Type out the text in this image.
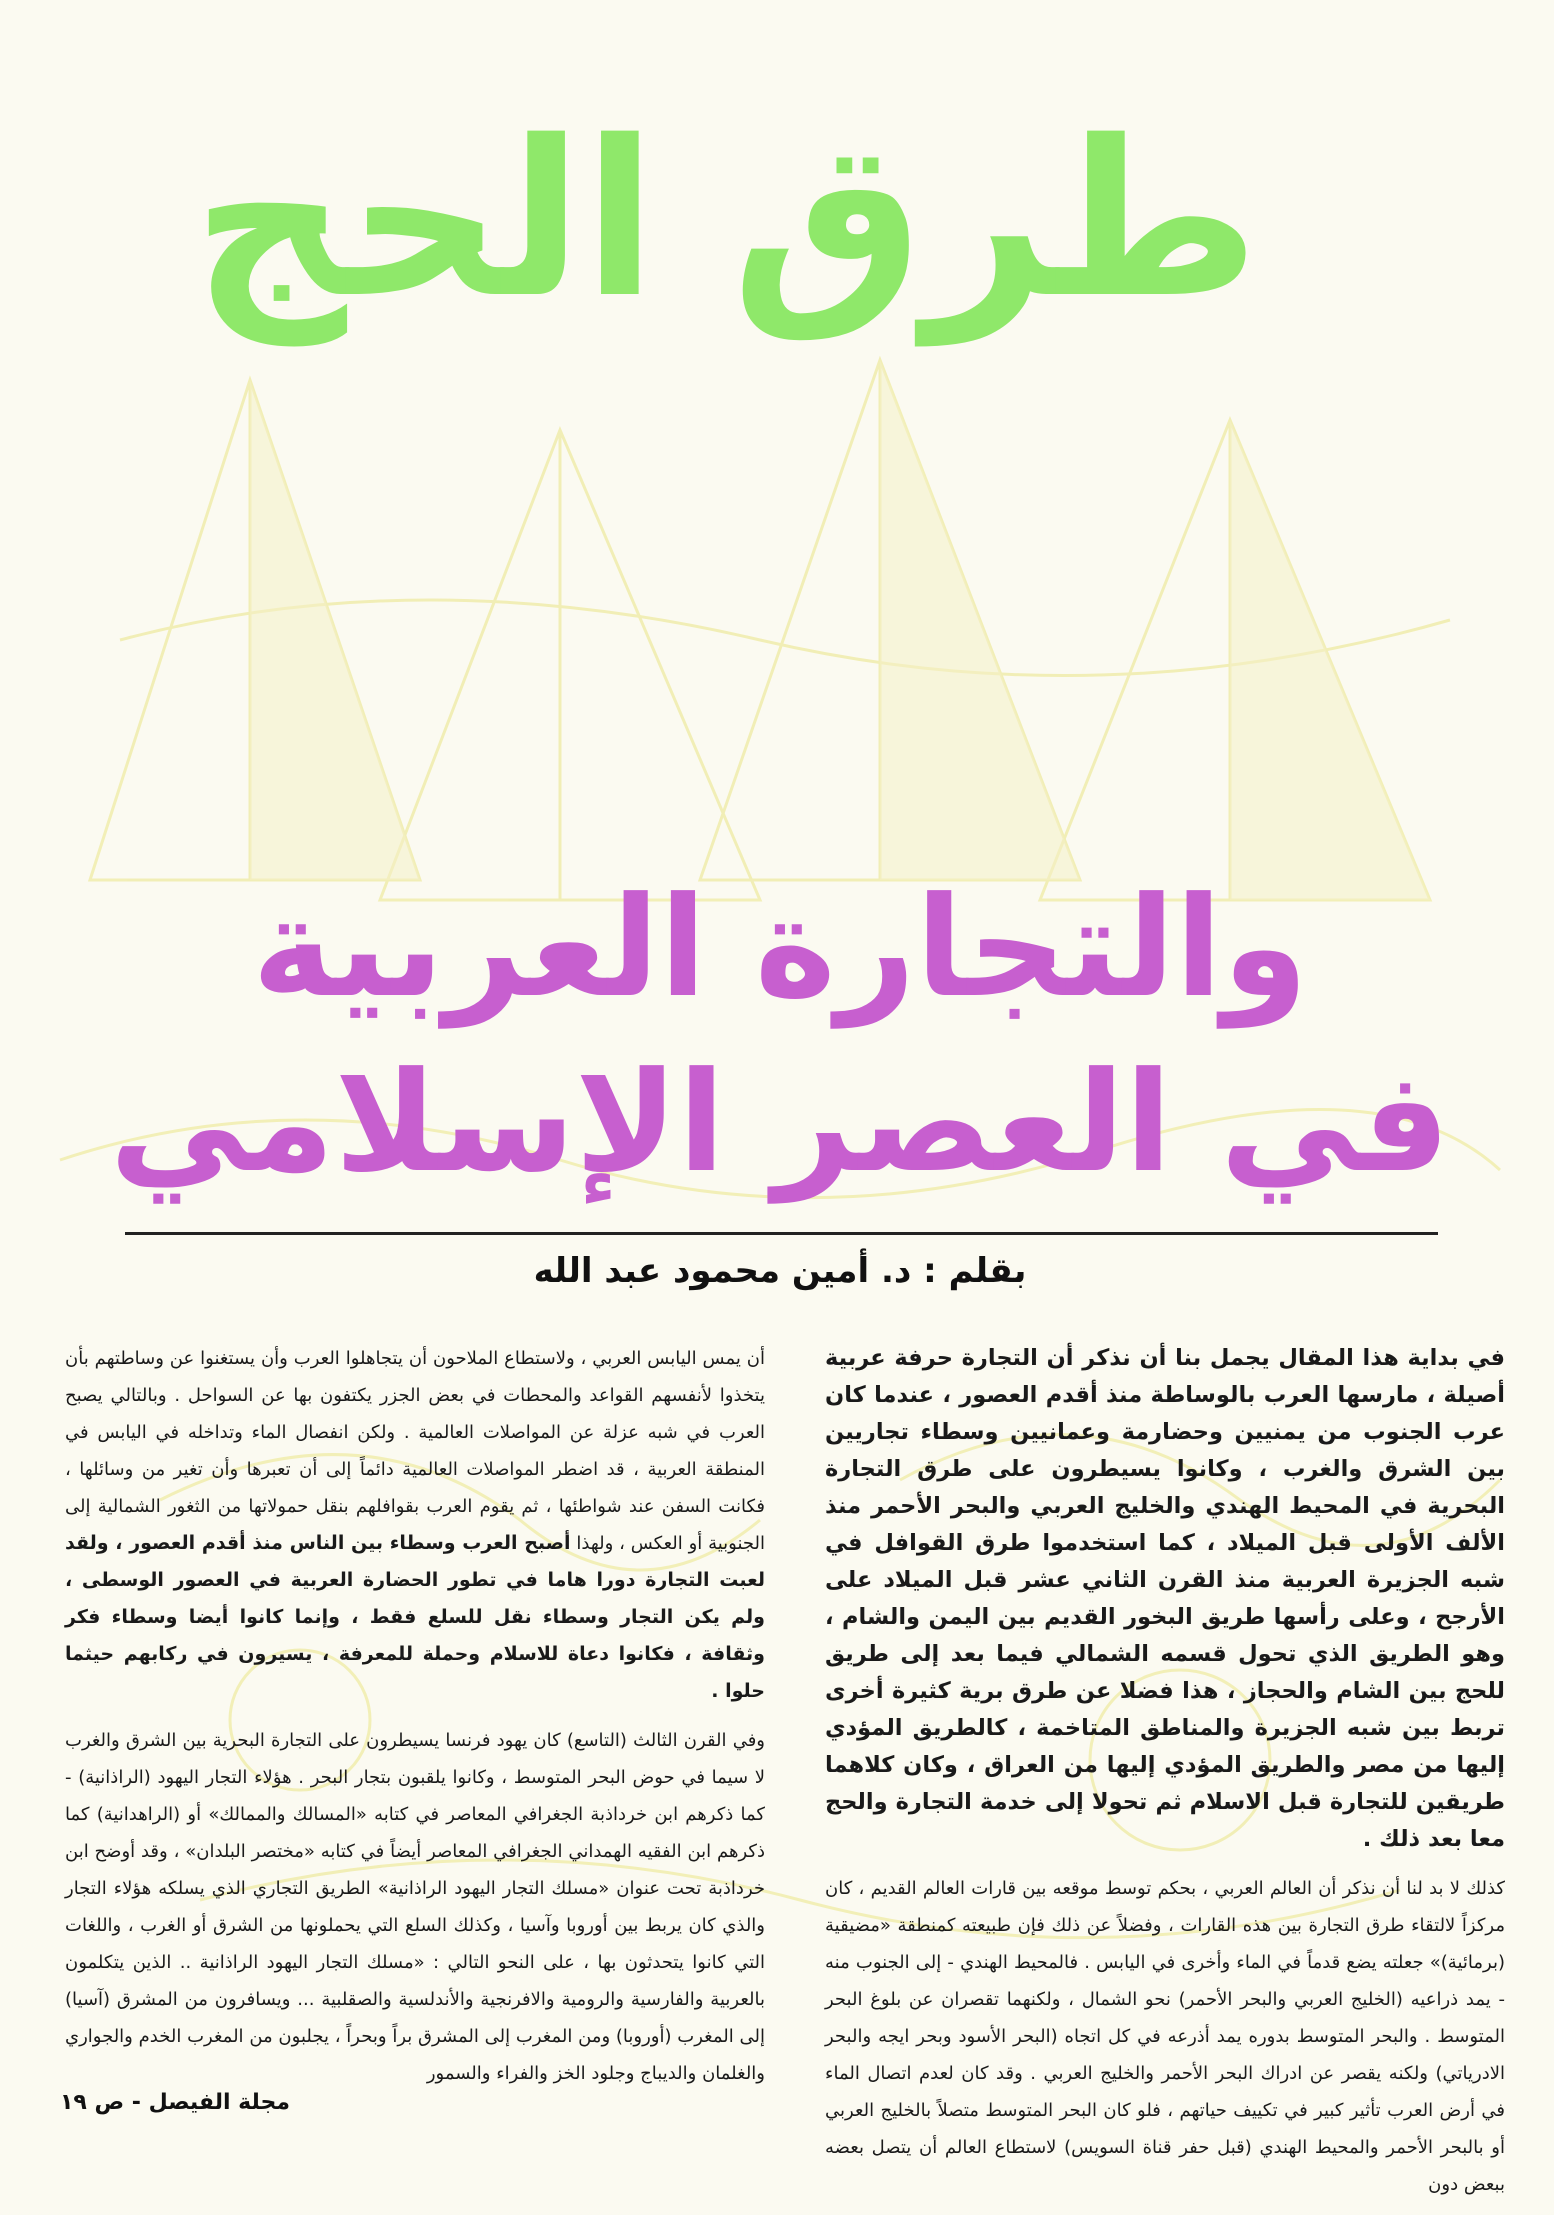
طرق الحج
والتجارة العربية
في العصر الإسلامي
بقلم : د. أمين محمود عبد الله

في بداية هذا المقال يجمل بنا أن نذكر أن التجارة حرفة عربية أصيلة ، مارسها العرب بالوساطة منذ أقدم العصور ، عندما كان عرب الجنوب من يمنيين وحضارمة وعمانيين وسطاء تجاريين بين الشرق والغرب ، وكانوا يسيطرون على طرق التجارة البحرية في المحيط الهندي والخليج العربي والبحر الأحمر منذ الألف الأولى قبل الميلاد ، كما استخدموا طرق القوافل في شبه الجزيرة العربية منذ القرن الثاني عشر قبل الميلاد على الأرجح ، وعلى رأسها طريق البخور القديم بين اليمن والشام ، وهو الطريق الذي تحول قسمه الشمالي فيما بعد إلى طريق للحج بين الشام والحجاز ، هذا فضلا عن طرق برية كثيرة أخرى تربط بين شبه الجزيرة والمناطق المتاخمة ، كالطريق المؤدي إليها من مصر والطريق المؤدي إليها من العراق ، وكان كلاهما طريقين للتجارة قبل الاسلام ثم تحولا إلى خدمة التجارة والحج معا بعد ذلك .

كذلك لا بد لنا أن نذكر أن العالم العربي ، بحكم توسط موقعه بين قارات العالم القديم ، كان مركزاً لالتقاء طرق التجارة بين هذه القارات ، وفضلاً عن ذلك فإن طبيعته كمنطقة «مضيقية (برمائية)» جعلته يضع قدماً في الماء وأخرى في اليابس . فالمحيط الهندي - إلى الجنوب منه - يمد ذراعيه (الخليج العربي والبحر الأحمر) نحو الشمال ، ولكنهما تقصران عن بلوغ البحر المتوسط . والبحر المتوسط بدوره يمد أذرعه في كل اتجاه (البحر الأسود وبحر ايجه والبحر الادرياتي) ولكنه يقصر عن ادراك البحر الأحمر والخليج العربي . وقد كان لعدم اتصال الماء في أرض العرب تأثير كبير في تكييف حياتهم ، فلو كان البحر المتوسط متصلاً بالخليج العربي أو بالبحر الأحمر والمحيط الهندي (قبل حفر قناة السويس) لاستطاع العالم أن يتصل بعضه ببعض دون

أن يمس اليابس العربي ، ولاستطاع الملاحون أن يتجاهلوا العرب وأن يستغنوا عن وساطتهم بأن يتخذوا لأنفسهم القواعد والمحطات في بعض الجزر يكتفون بها عن السواحل . وبالتالي يصبح العرب في شبه عزلة عن المواصلات العالمية . ولكن انفصال الماء وتداخله في اليابس في المنطقة العربية ، قد اضطر المواصلات العالمية دائماً إلى أن تعبرها وأن تغير من وسائلها ، فكانت السفن عند شواطئها ، ثم يقوم العرب بقوافلهم بنقل حمولاتها من الثغور الشمالية إلى الجنوبية أو العكس ، ولهذا أصبح العرب وسطاء بين الناس منذ أقدم العصور ، ولقد لعبت التجارة دورا هاما في تطور الحضارة العربية في العصور الوسطى ، ولم يكن التجار وسطاء نقل للسلع فقط ، وإنما كانوا أيضا وسطاء فكر وثقافة ، فكانوا دعاة للاسلام وحملة للمعرفة ، يسيرون في ركابهم حيثما حلوا .

وفي القرن الثالث (التاسع) كان يهود فرنسا يسيطرون على التجارة البحرية بين الشرق والغرب لا سيما في حوض البحر المتوسط ، وكانوا يلقبون بتجار البحر . هؤلاء التجار اليهود (الراذانية) - كما ذكرهم ابن خرداذبة الجغرافي المعاصر في كتابه «المسالك والممالك» أو (الراهدانية) كما ذكرهم ابن الفقيه الهمداني الجغرافي المعاصر أيضاً في كتابه «مختصر البلدان» ، وقد أوضح ابن خرداذبة تحت عنوان «مسلك التجار اليهود الراذانية» الطريق التجاري الذي يسلكه هؤلاء التجار والذي كان يربط بين أوروبا وآسيا ، وكذلك السلع التي يحملونها من الشرق أو الغرب ، واللغات التي كانوا يتحدثون بها ، على النحو التالي : «مسلك التجار اليهود الراذانية .. الذين يتكلمون بالعربية والفارسية والرومية والافرنجية والأندلسية والصقلبية ... ويسافرون من المشرق (آسيا) إلى المغرب (أوروبا) ومن المغرب إلى المشرق براً وبحراً ، يجلبون من المغرب الخدم والجواري والغلمان والديباج وجلود الخز والفراء والسمور

مجلة الفيصل - ص ١٩
